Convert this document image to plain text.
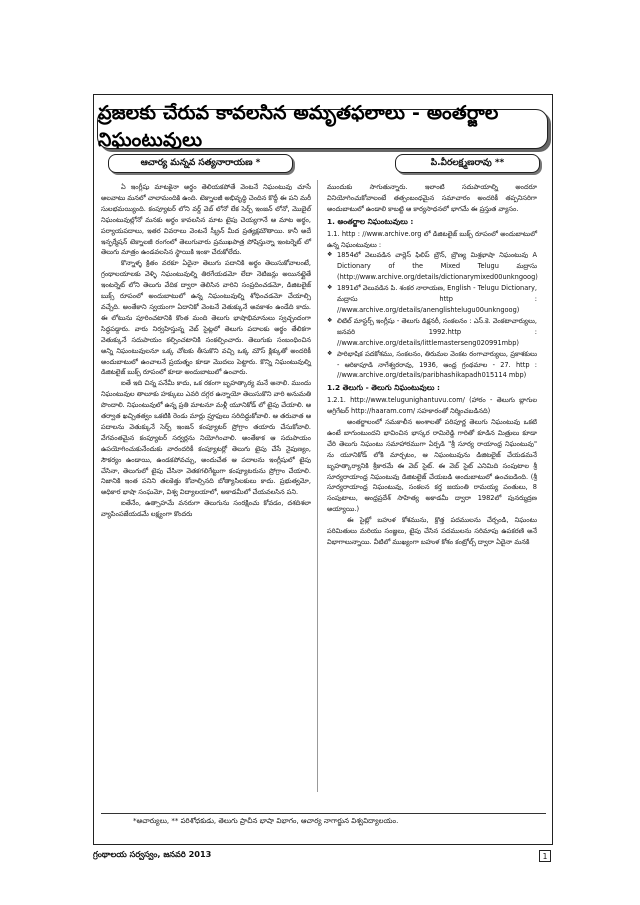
ప్రజలకు చేరువ కావలసిన అమృతఫలాలు - అంతర్జాల నిఘంటువులు
ఆచార్య మన్నవ సత్యనారాయణ *	పి.వీరలక్ష్మణరావు **

ఏ ఇంగ్లీషు మాటకైనా అర్థం తెలియకపోతే వెంటనే నిఘంటువు చూసే అలవాటు మనలో చాలామందికి ఉంది. టెక్నాలజీ అభివృద్ధి చెందిన కొద్దీ ఈ పని మరీ సులభమయ్యింది. కంప్యూటర్ లోని వర్డ్ వెబ్ లోనో లేక సెర్చ్ ఇంజన్ లోనో, మొబైల్ నిఘంటువుల్లోనో మనకు అర్థం కావలసిన మాట టైపు చెయ్యగానే ఆ మాట అర్థం, పర్యాయపదాలు, ఇతర వివరాలు వెంటనే స్క్రీన్ మీద ప్రత్యక్షమౌతాయి. కానీ అదే ఇన్ఫర్మేషన్ టెక్నాలజీ రంగంలో తెలుగువారు ప్రముఖపాత్ర పోషిస్తున్నా ఇంటర్నెట్ లో తెలుగు మాత్రం ఉండవలసిన స్థాయికి ఇంకా చేరుకోలేదు.

కొన్నాళ్ళ క్రితం వరకూ ఏదైనా తెలుగు పదానికి అర్థం తెలుసుకోవాలంటే, గ్రంథాలయాలకు వెళ్ళి నిఘంటువుల్ని తిరగేయడమో లేదా నెటిజన్లు అయినట్లైతే ఇంటర్నెట్ లోని తెలుగు వేదిక ద్వారా తెలిసిన వారిని సంప్రదించడమో, డిజిటలైజ్ బుక్స్ రూపంలో అందుబాటులో ఉన్న నిఘంటువుల్ని శోధించడమో చేయాల్సి వచ్చేది. అంతేకాని స్వయంగా ఏదానికో వెంటనే వెతుక్కునే అవకాశం ఉండేది కాదు. ఈ లోటును పూరించటానికి కొంత మంది తెలుగు భాషాభిమానులు స్వచ్ఛందంగా సిద్ధపడ్డారు. వారు నిర్వహిస్తున్న వెబ్ సైట్లలో తెలుగు పదాలకు అర్థం తేలికగా వెతుక్కునే సదుపాయం కల్పించటానికి సంకల్పించారు. తెలుగుకు సంబంధించిన అన్ని నిఘంటువులనూ ఒక్క చోటకు తీసుకొని వచ్చి ఒక్క మౌస్ క్లిక్కుతో అందరికీ అందుబాటులో ఉంచాలనే ప్రయత్నం కూడా మొదలు పెట్టారు. కొన్ని నిఘంటువుల్ని డిజిటలైజ్ బుక్స్ రూపంలో కూడా అందుబాటులో ఉంచారు.

ఐతే ఇది చిన్న పనేమీ కాదు, ఒక రకంగా బృహత్కార్య మనే అనాలి. ముందు నిఘంటువుల తాలూకు హక్కులు ఎవరి దగ్గర ఉన్నాయో తెలుసుకొని వారి అనుమతి పొందాలి. నిఘంటువులో ఉన్న ప్రతి మాటనూ మళ్లీ యూనికోడ్ లో టైపు చేయాలి. ఆ తర్వాత ఖచ్చితత్వం ఒకటికి రెండు మార్లు ప్రూఫులు సరిదిద్దుకోవాలి. ఆ తరువాత ఆ పదాలను వెతుక్కునే సెర్చ్ ఇంజన్ కంప్యూటర్ ప్రోగ్రాం తయారు చేసుకోవాలి. వేగవంతమైన కంప్యూటర్ సర్వర్లను నియోగించాలి. అంతేకాక ఆ సదుపాయం ఉపయోగించుకునేందుకు వారందరికీ కంప్యూటర్లో తెలుగు టైపు చేసే నైపుణ్యం, సౌకర్యం ఉండాయి, ఉండకపోవచ్చు, అందుచేత ఆ పదాలను ఇంగ్లీషులో టైపు చేసినా, తెలుగులో టైపు చేసినా వెతకగలిగేట్టుగా కంప్యూటరును ప్రోగ్రాం చేయాలి. నిజానికి ఇంత పనిని తలకెత్తు కోవాల్సినది బోత్యాసిలకులు కాదు. ప్రభుత్వమో, అధికార భాషా సంఘమో, విశ్వ విద్యాలయాలో, అకాడమీలో చేయవలసిన పని.

ఐతేనేం, ఉత్సాహమే వనరుగా తెలుగును సంరక్షించు కోవడం, దశదిశలా వ్యాపింపజేయడమే లక్ష్యంగా కొందరు

ముందుకు సాగుతున్నారు. ఇలాంటి సదుపాయాల్ని అందరూ వినియోగించుకోవాలంటే తత్సంబంధమైన సమాచారం అందరికీ తప్పనిసరిగా అందుబాటులో ఉండాలి కాబట్టి ఆ కార్యసాధనలో భాగమే ఈ ప్రస్తుత వ్యాసం.

1. అంతర్జాల నిఘంటువులు :

1.1. http : //www.archive.org లో డిజిటలైజ్ బుక్స్ రూపంలో అందుబాటులో ఉన్న నిఘంటువులు :

❖ 1854లో వెలువడిన చార్లెస్ ఫిలిప్ బ్రౌన్, బ్రౌణ్య మిశ్రభాషా నిఘంటువు A Dictionary of the Mixed Telugu మద్రాసు (http://www.archive.org/details/dictionarymixed00unkngoog)
❖ 1891లో వెలువడిన పి. శంకర నారాయణ, English - Telugu Dictionary, మద్రాసు http : //www.archive.org/details/anenglishtelugu00unkngoog)
❖ లిటిల్ మాస్టర్స్ ఇంగ్లీషు - తెలుగు డిక్షనరీ, సంకలనం : ఎస్.కె. వెంకటాచార్యులు, జనవరి 1992.http : //www.archive.org/details/littlemasterseng020991mbp)
❖ పారిభాషిక పదకోశము, సంకలనం, తిరుమల వెంకట రంగాచార్యులు, ప్రకాశకులు - ఆరికాపూడి నాగేశ్వరరావు, 1936, ఆంధ్ర గ్రంథమాల - 27. http : //www.archive.org/details/paribhashikapadh015114 mbp)
1.2 తెలుగు - తెలుగు నిఘంటువులు :

1.2.1. http://www.telugunighantuvu.com/ (హారం - తెలుగు బ్లాగుల అగ్రిగేటర్ http://haaram.com/ సహకారంతో నిర్మించబడినది)

అంతర్జాలంలో సమకాలీన అంశాలతో పరిపూర్ణ తెలుగు నిఘంటువు ఒకటి ఉంటే బాగుంటుందని భావించిన భాస్కర రామిరెడ్డి గారితో కూడిన మిత్రులు కూడా చేరి తెలుగు నిఘంటు సమాహారముగా ఏర్పడి "శ్రీ సూర్య రాయాంధ్ర నిఘంటువు" ను యూనికోడ్ లోకి మార్చటం, ఆ నిఘంటువును డిజిటలైజ్ చేయడమనే బృహత్కార్యానికి శ్రీకారమే ఈ వెబ్ సైట్. ఈ వెబ్ సైట్ ఎనిమిది సంపుటాల శ్రీ సూర్యరాయాంధ్ర నిఘంటువు డిజిటలైజ్ చేయబడి అందుబాటులో ఉంచబడింది. (శ్రీ సూర్యరాయాంధ్ర నిఘంటువు, సంకలన కర్త జయంతి రామయ్య పంతులు, 8 సంపుటాలు, ఆంధ్రప్రదేశ్ సాహిత్య అకాడమీ ద్వారా 1982లో పునర్ముద్రణ అయ్యాయి.)

ఈ సైట్లో బహుళ కోశమును, క్రొత్త పదములను చేర్చండి, నిఘంటు పరిమితులు మరియు సంజ్ఞలు, టైపు చేసిన పదములను సరిమాపు ఉపకరణి అనే విభాగాలున్నాయి. వీటిలో ముఖ్యంగా బహుళ కోశం కంట్రోల్స్ ద్వారా ఏదైనా మనకి

*ఆచార్యులు, ** పరిశోధకుడు, తెలుగు ప్రాచీన భాషా విభాగం, ఆచార్య నాగార్జున విశ్వవిద్యాలయం.
గ్రంథాలయ సర్వస్వం, జనవరి 2013	1
